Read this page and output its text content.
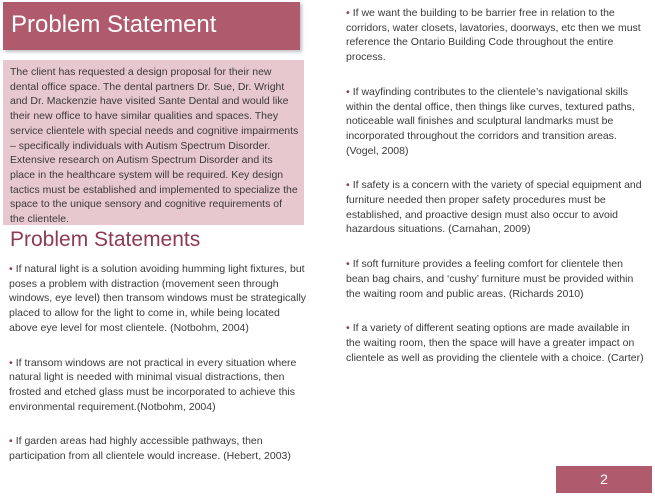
Problem Statement
The client has requested a design proposal for their new dental office space. The dental partners Dr. Sue, Dr. Wright and Dr. Mackenzie have visited Sante Dental and would like their new office to have similar qualities and spaces. They service clientele with special needs and cognitive impairments – specifically individuals with Autism Spectrum Disorder. Extensive research on Autism Spectrum Disorder and its place in the healthcare system will be required. Key design tactics must be established and implemented to specialize the space to the unique sensory and cognitive requirements of the clientele.
Problem Statements
• If natural light is a solution avoiding humming light fixtures, but poses a problem with distraction (movement seen through windows, eye level) then transom windows must be strategically placed to allow for the light to come in, while being located above eye level for most clientele. (Notbohm, 2004)
• If transom windows are not practical in every situation where natural light is needed with minimal visual distractions, then frosted and etched glass must be incorporated to achieve this environmental requirement.(Notbohm, 2004)
• If garden areas had highly accessible pathways, then participation from all clientele would increase. (Hebert, 2003)
• If we want the building to be barrier free in relation to the corridors, water closets, lavatories, doorways, etc then we must reference the Ontario Building Code throughout the entire process.
• If wayfinding contributes to the clientele’s navigational skills within the dental office, then things like curves, textured paths, noticeable wall finishes and sculptural landmarks must be incorporated throughout the corridors and transition areas. (Vogel, 2008)
• If safety is a concern with the variety of special equipment and furniture needed then proper safety procedures must be established, and proactive design must also occur to avoid hazardous situations. (Carnahan, 2009)
• If soft furniture provides a feeling comfort for clientele then bean bag chairs, and ‘cushy’ furniture must be provided within the waiting room and public areas. (Richards 2010)
• If a variety of different seating options are made available in the waiting room, then the space will have a greater impact on clientele as well as providing the clientele with a choice. (Carter)
2
